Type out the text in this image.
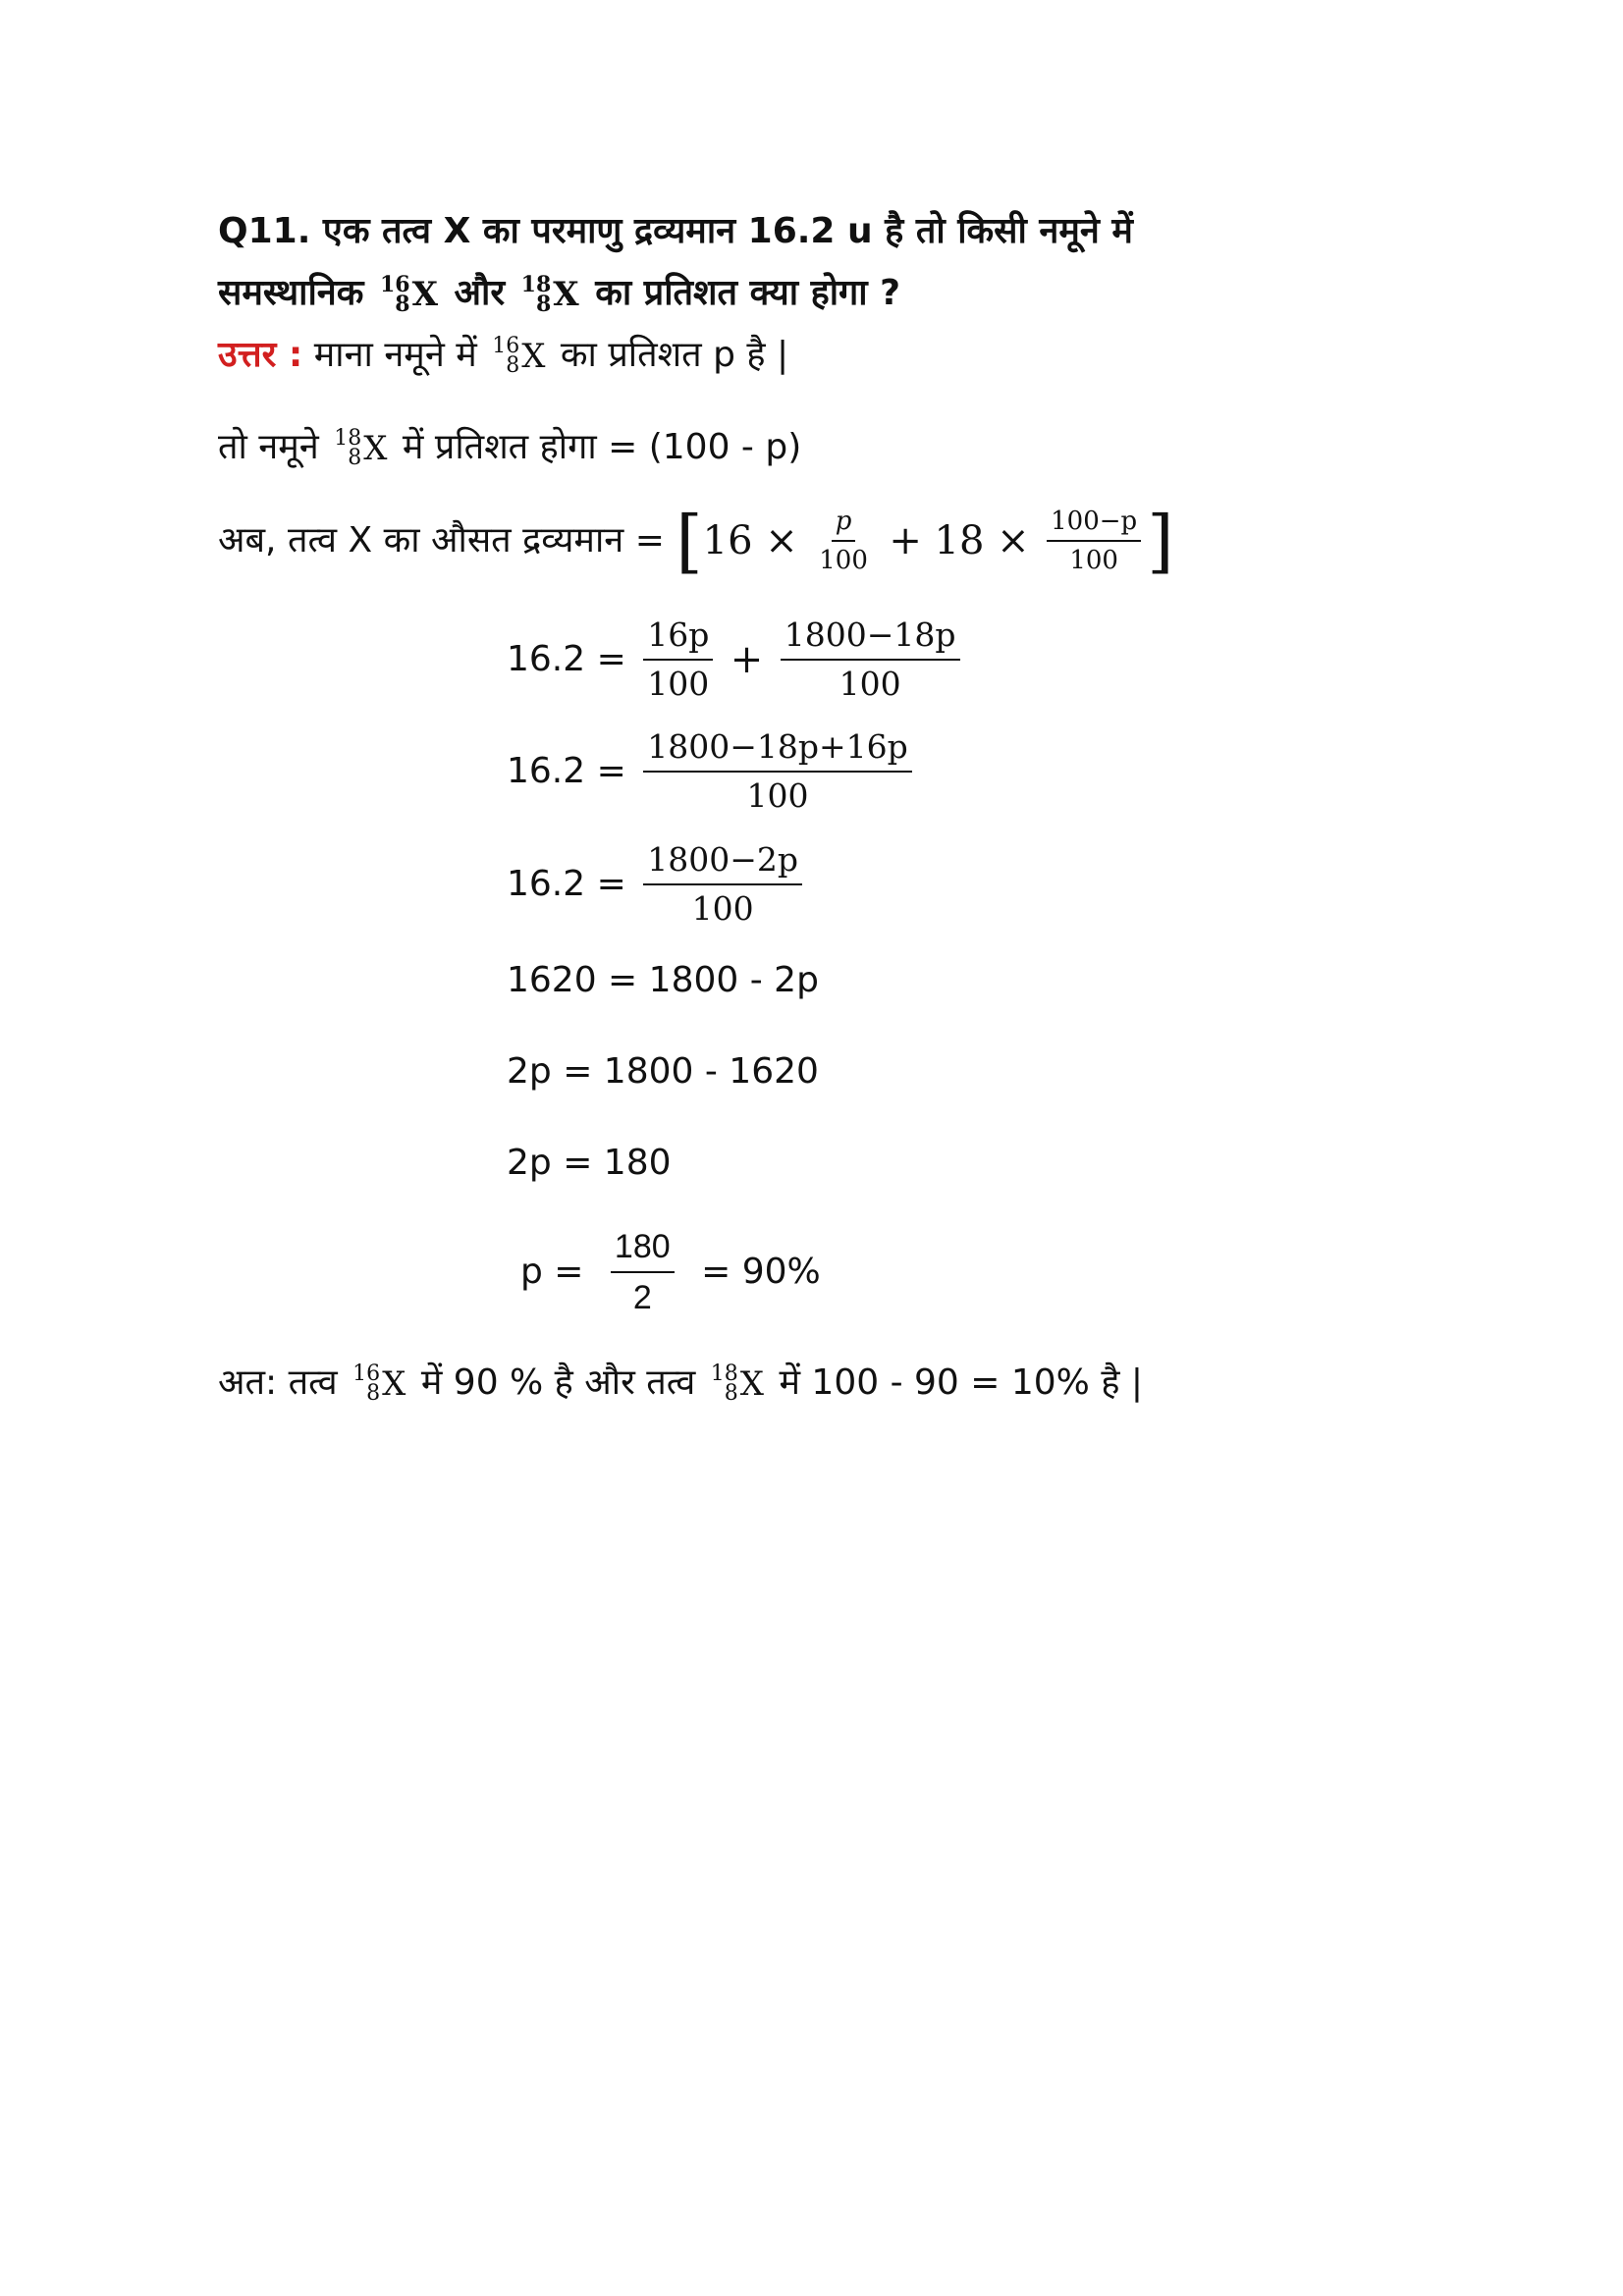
Q11. एक तत्व X का परमाणु द्रव्यमान 16.2 u है तो किसी नमूने में
समस्थानिक 16
8 X और 18
8 X का प्रतिशत क्या होगा ?
उत्तर : माना नमूने में 16
8 X का प्रतिशत p है |
तो नमूने 18
8 X में प्रतिशत होगा = (100 - p)
अब, तत्व X का औसत द्रव्यमान = [$16 \times \frac{p}{100} + 18 \times \frac{100-p}{100}$ ]
$16.2 = \frac{16p}{100} + \frac{1800-18p}{100}$
$16.2 = \frac{1800-18p+16p}{100}$
$16.2 = \frac{1800-2p}{100}$
1620 = 1800 - 2p
2p = 1800 - 1620
2p = 180
$p = \frac{180}{2} = 90\%$
अत: तत्व 16
8 X में 90 % है और तत्व 18
8 X में 100 - 90 = 10% है |
